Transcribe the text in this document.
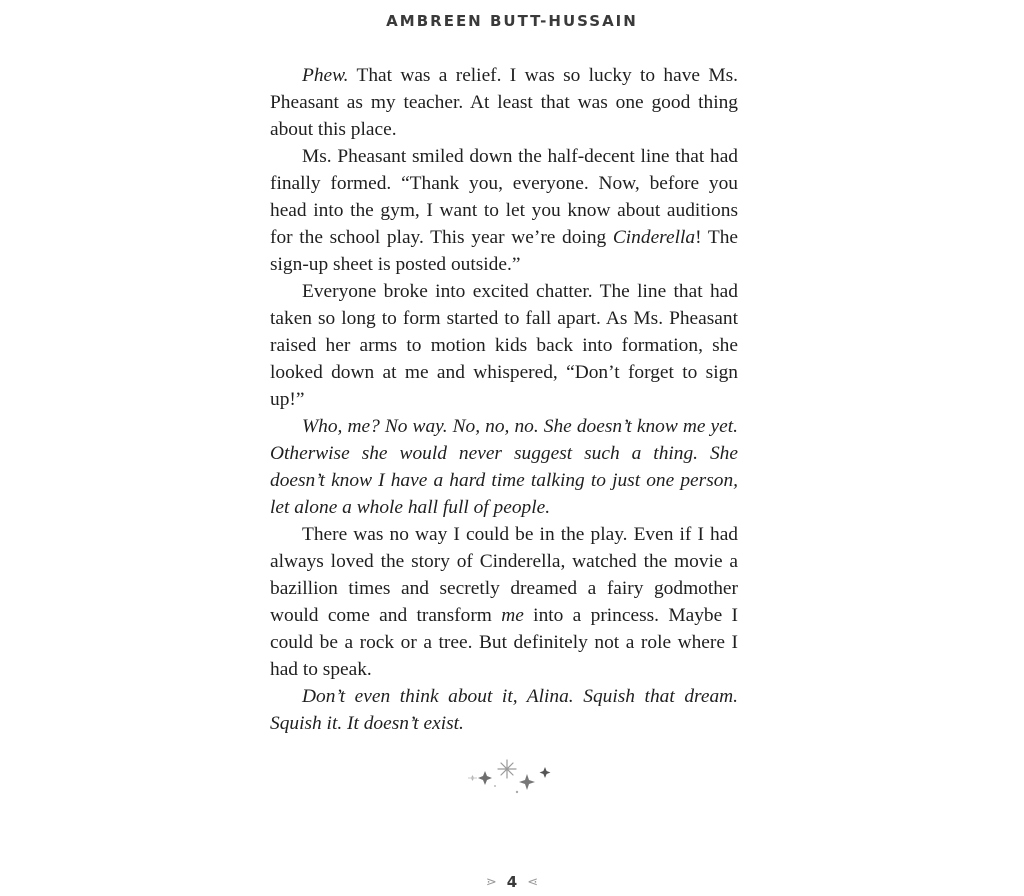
AMBREEN BUTT-HUSSAIN

Phew. That was a relief. I was so lucky to have Ms. Pheasant as my teacher. At least that was one good thing about this place.

Ms. Pheasant smiled down the half-decent line that had finally formed. “Thank you, everyone. Now, before you head into the gym, I want to let you know about auditions for the school play. This year we’re doing Cinderella! The sign-up sheet is posted outside.”

Everyone broke into excited chatter. The line that had taken so long to form started to fall apart. As Ms. Pheasant raised her arms to motion kids back into formation, she looked down at me and whispered, “Don’t forget to sign up!”

Who, me? No way. No, no, no. She doesn’t know me yet. Otherwise she would never suggest such a thing. She doesn’t know I have a hard time talking to just one person, let alone a whole hall full of people.

There was no way I could be in the play. Even if I had always loved the story of Cinderella, watched the movie a bazillion times and secretly dreamed a fairy godmother would come and transform me into a princess. Maybe I could be a rock or a tree. But definitely not a role where I had to speak.

Don’t even think about it, Alina. Squish that dream. Squish it. It doesn’t exist.

⋗ 4 ⋖
